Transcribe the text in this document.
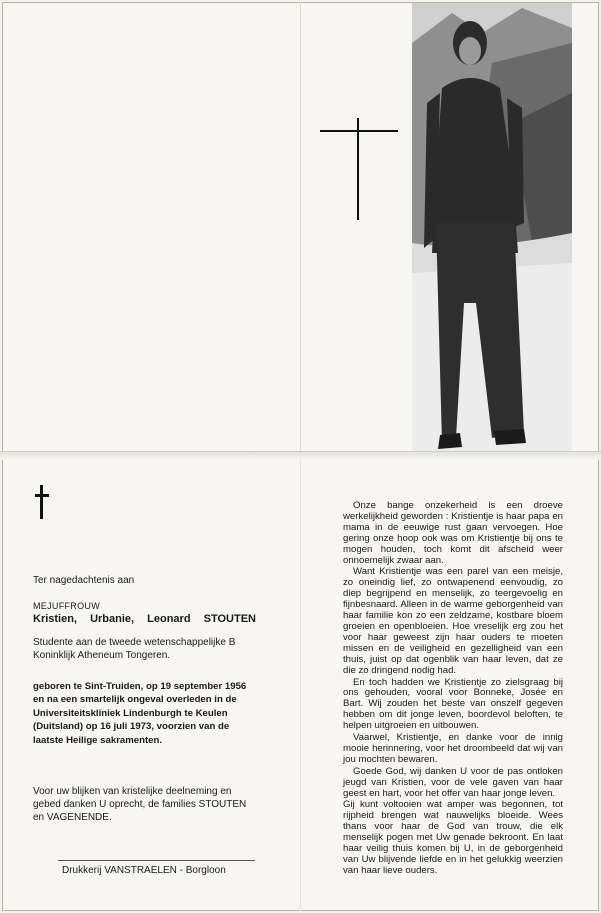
Ter nagedachtenis aan
MEJUFFROUW
Kristien, Urbanie, Leonard STOUTEN
Studente aan de tweede wetenschappelijke B
Koninklijk Atheneum Tongeren.
geboren te Sint-Truiden, op 19 september 1956 en na een smartelijk ongeval overleden in de Universiteitskliniek Lindenburgh te Keulen (Duitsland) op 16 juli 1973, voorzien van de laatste Heilige sakramenten.
Voor uw blijken van kristelijke deelneming en gebed danken U oprecht, de families STOUTEN en VAGENENDE.
Drukkerij VANSTRAELEN - Borgloon

Onze bange onzekerheid is een droeve werkelijkheid geworden : Kristientje is haar papa en mama in de eeuwige rust gaan vervoegen. Hoe gering onze hoop ook was om Kristientje bij ons te mogen houden, toch komt dit afscheid weer onnoemelijk zwaar aan.

Want Kristientje was een parel van een meisje, zo oneindig lief, zo ontwapenend eenvoudig, zo diep begrijpend en menselijk, zo teergevoelig en fijnbesnaard. Alleen in de warme geborgenheid van haar familie kon zo een zeldzame, kostbare bloem groeien en openbloeien. Hoe vreselijk erg zou het voor haar geweest zijn haar ouders te moeten missen en de veiligheid en gezelligheid van een thuis, juist op dat ogenblik van haar leven, dat ze die zo dringend nodig had.

En toch hadden we Kristientje zo zielsgraag bij ons gehouden, vooral voor Bonneke, Josée en Bart. Wij zouden het beste van onszelf gegeven hebben om dit jonge leven, boordevol beloften, te helpen uitgroeien en uitbouwen.

Vaarwel, Kristientje, en danke voor de innig mooie herinnering, voor het droombeeld dat wij van jou mochten bewaren.

Goede God, wij danken U voor de pas ontloken jeugd van Kristien, voor de vele gaven van haar geest en hart, voor het offer van haar jonge leven.

Gij kunt voltooien wat amper was begonnen, tot rijpheid brengen wat nauwelijks bloeide. Wees thans voor haar de God van trouw, die elk menselijk pogen met Uw genade bekroont. En laat haar veilig thuis komen bij U, in de geborgenheid van Uw blijvende liefde en in het gelukkig weerzien van haar lieve ouders.
